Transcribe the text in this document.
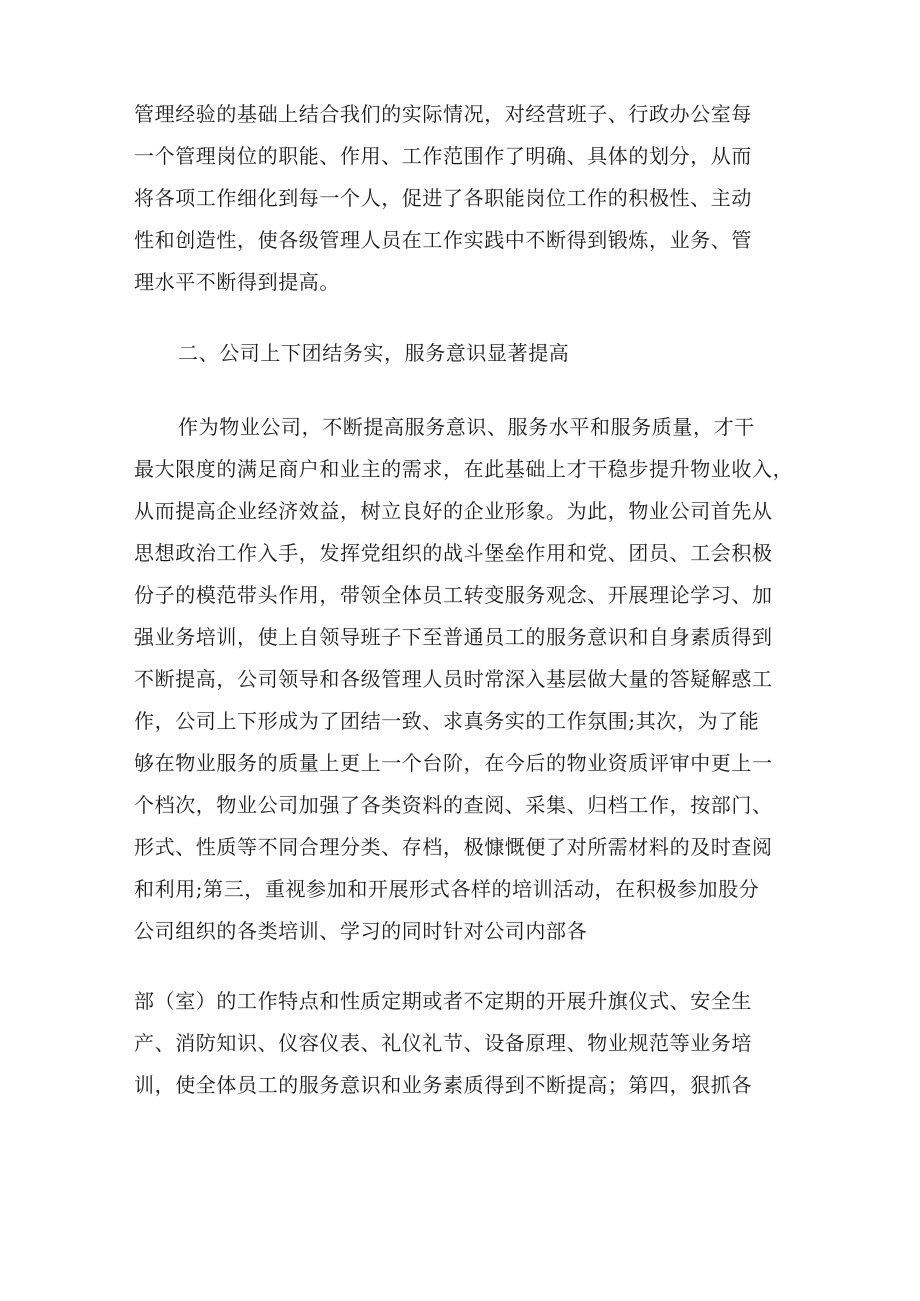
管理经验的基础上结合我们的实际情况，对经营班子、行政办公室每
一个管理岗位的职能、作用、工作范围作了明确、具体的划分，从而
将各项工作细化到每一个人，促进了各职能岗位工作的积极性、主动
性和创造性，使各级管理人员在工作实践中不断得到锻炼，业务、管
理水平不断得到提高。
二、公司上下团结务实，服务意识显著提高
作为物业公司，不断提高服务意识、服务水平和服务质量，才干
最大限度的满足商户和业主的需求，在此基础上才干稳步提升物业收入，
从而提高企业经济效益，树立良好的企业形象。为此，物业公司首先从
思想政治工作入手，发挥党组织的战斗堡垒作用和党、团员、工会积极
份子的模范带头作用，带领全体员工转变服务观念、开展理论学习、加
强业务培训，使上自领导班子下至普通员工的服务意识和自身素质得到
不断提高，公司领导和各级管理人员时常深入基层做大量的答疑解惑工
作，公司上下形成为了团结一致、求真务实的工作氛围;其次，为了能
够在物业服务的质量上更上一个台阶，在今后的物业资质评审中更上一
个档次，物业公司加强了各类资料的查阅、采集、归档工作，按部门、
形式、性质等不同合理分类、存档，极慷慨便了对所需材料的及时查阅
和利用;第三，重视参加和开展形式各样的培训活动，在积极参加股分
公司组织的各类培训、学习的同时针对公司内部各
部（室）的工作特点和性质定期或者不定期的开展升旗仪式、安全生
产、消防知识、仪容仪表、礼仪礼节、设备原理、物业规范等业务培
训，使全体员工的服务意识和业务素质得到不断提高；第四，狠抓各
